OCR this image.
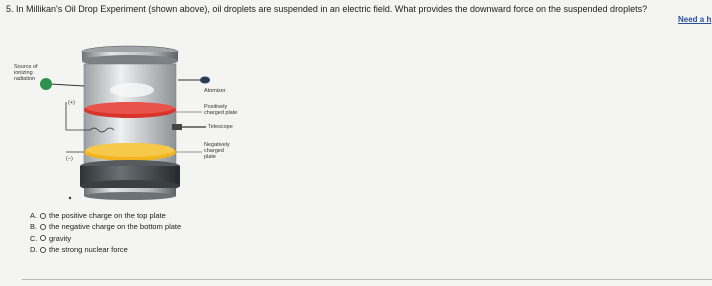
5. In Millikan's Oil Drop Experiment (shown above), oil droplets are suspended in an electric field. What provides the downward force on the suspended droplets?
Need a h
Source of
ionizing
radiation
Atomizer
Positively
charged plate
Telescope
Negatively
charged
plate
(+)
(−)
A. the positive charge on the top plate
B. the negative charge on the bottom plate
C. gravity
D. the strong nuclear force
